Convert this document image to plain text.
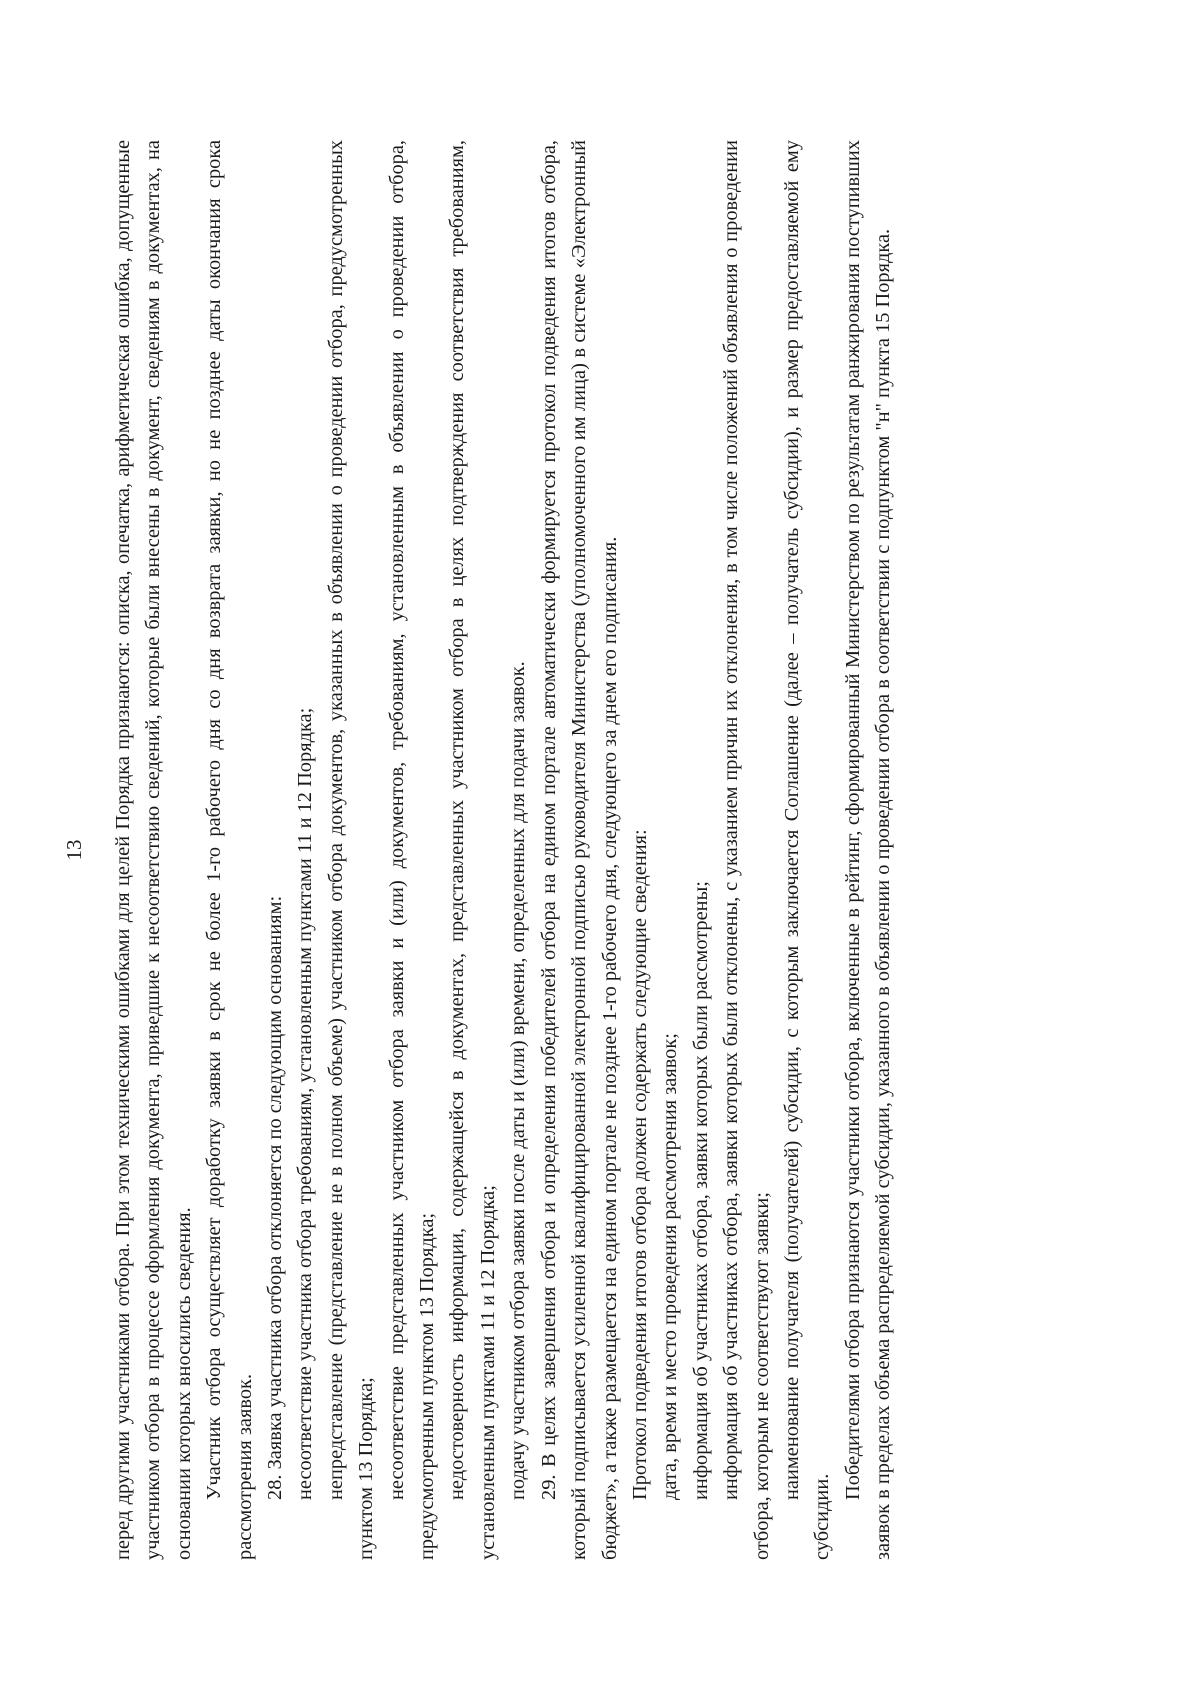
13 перед другими участниками отбора. При этом техническими ошибками для целей Порядка признаются: описка, опечатка, арифметическая ошибка, допущенные участником отбора в процессе оформления документа, приведшие к несоответствию сведений, которые были внесены в документ, сведениям в документах, на основании которых вносились сведения. Участник отбора осуществляет доработку заявки в срок не более 1-го рабочего дня со дня возврата заявки, но не позднее даты окончания срока рассмотрения заявок. 28. Заявка участника отбора отклоняется по следующим основаниям: несоответствие участника отбора требованиям, установленным пунктами 11 и 12 Порядка; непредставление (представление не в полном объеме) участником отбора документов, указанных в объявлении о проведении отбора, предусмотренных пунктом 13 Порядка; несоответствие представленных участником отбора заявки и (или) документов, требованиям, установленным в объявлении о проведении отбора, предусмотренным пунктом 13 Порядка; недостоверность информации, содержащейся в документах, представленных участником отбора в целях подтверждения соответствия требованиям, установленным пунктами 11 и 12 Порядка; подачу участником отбора заявки после даты и (или) времени, определенных для подачи заявок. 29. В целях завершения отбора и определения победителей отбора на едином портале автоматически формируется протокол подведения итогов отбора, который подписывается усиленной квалифицированной электронной подписью руководителя Министерства (уполномоченного им лица) в системе «Электронный бюджет», а также размещается на едином портале не позднее 1-го рабочего дня, следующего за днем его подписания. Протокол подведения итогов отбора должен содержать следующие сведения: дата, время и место проведения рассмотрения заявок; информация об участниках отбора, заявки которых были рассмотрены; информация об участниках отбора, заявки которых были отклонены, с указанием причин их отклонения, в том числе положений объявления о проведении отбора, которым не соответствуют заявки; наименование получателя (получателей) субсидии, с которым заключается Соглашение (далее – получатель субсидии), и размер предоставляемой ему субсидии.

Победителями отбора признаются участники отбора, включенные в рейтинг, сформированный Министерством по результатам ранжирования поступивших заявок в пределах объема распределяемой субсидии, указанного в объявлении о проведении отбора в соответствии с подпунктом "н" пункта 15 Порядка.
